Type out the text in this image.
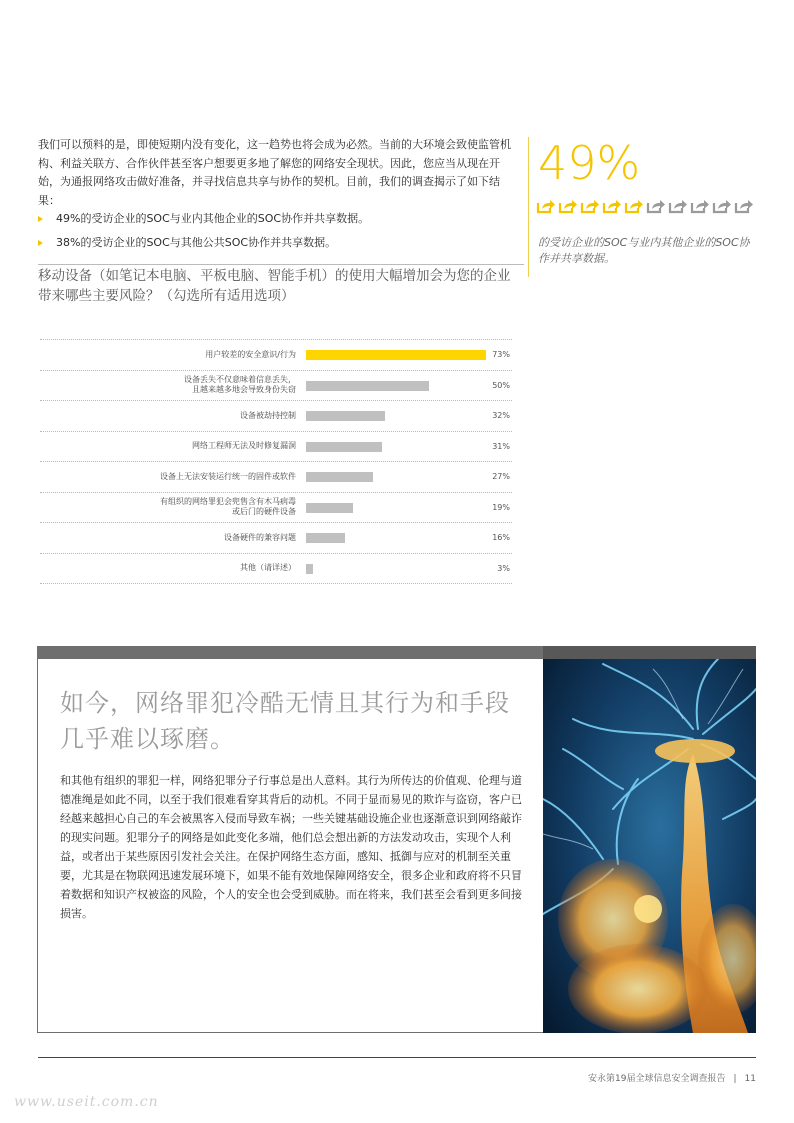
我们可以预料的是，即使短期内没有变化，这一趋势也将会成为必然。当前的大环境会致使监管机构、利益关联方、合作伙伴甚至客户想要更多地了解您的网络安全现状。因此，您应当从现在开始，为通报网络攻击做好准备，并寻找信息共享与协作的契机。目前，我们的调查揭示了如下结果：
49%的受访企业的SOC与业内其他企业的SOC协作并共享数据。
38%的受访企业的SOC与其他公共SOC协作并共享数据。
49%
的受访企业的SOC与业内其他企业的SOC协作并共享数据。
移动设备（如笔记本电脑、平板电脑、智能手机）的使用大幅增加会为您的企业带来哪些主要风险？（勾选所有适用选项）
用户较差的安全意识/行为	73%
设备丢失不仅意味着信息丢失，
且越来越多地会导致身份失窃
50%
设备被劫持控制	32%
网络工程师无法及时修复漏洞	31%
设备上无法安装运行统一的固件或软件	27%
有组织的网络罪犯会兜售含有木马病毒
或后门的硬件设备
19%
设备硬件的兼容问题	16%
其他（请详述）	3%
如今，网络罪犯冷酷无情且其行为和手段几乎难以琢磨。
和其他有组织的罪犯一样，网络犯罪分子行事总是出人意料。其行为所传达的价值观、伦理与道德准绳是如此不同，以至于我们很难看穿其背后的动机。不同于显而易见的欺诈与盗窃，客户已经越来越担心自己的车会被黑客入侵而导致车祸；一些关键基础设施企业也逐渐意识到网络敲诈的现实问题。犯罪分子的网络是如此变化多端，他们总会想出新的方法发动攻击，实现个人利益，或者出于某些原因引发社会关注。在保护网络生态方面，感知、抵御与应对的机制至关重要，尤其是在物联网迅速发展环境下，如果不能有效地保障网络安全，很多企业和政府将不只冒着数据和知识产权被盗的风险，个人的安全也会受到威胁。而在将来，我们甚至会看到更多间接损害。
安永第19届全球信息安全调查报告 | 11
www.useit.com.cn
